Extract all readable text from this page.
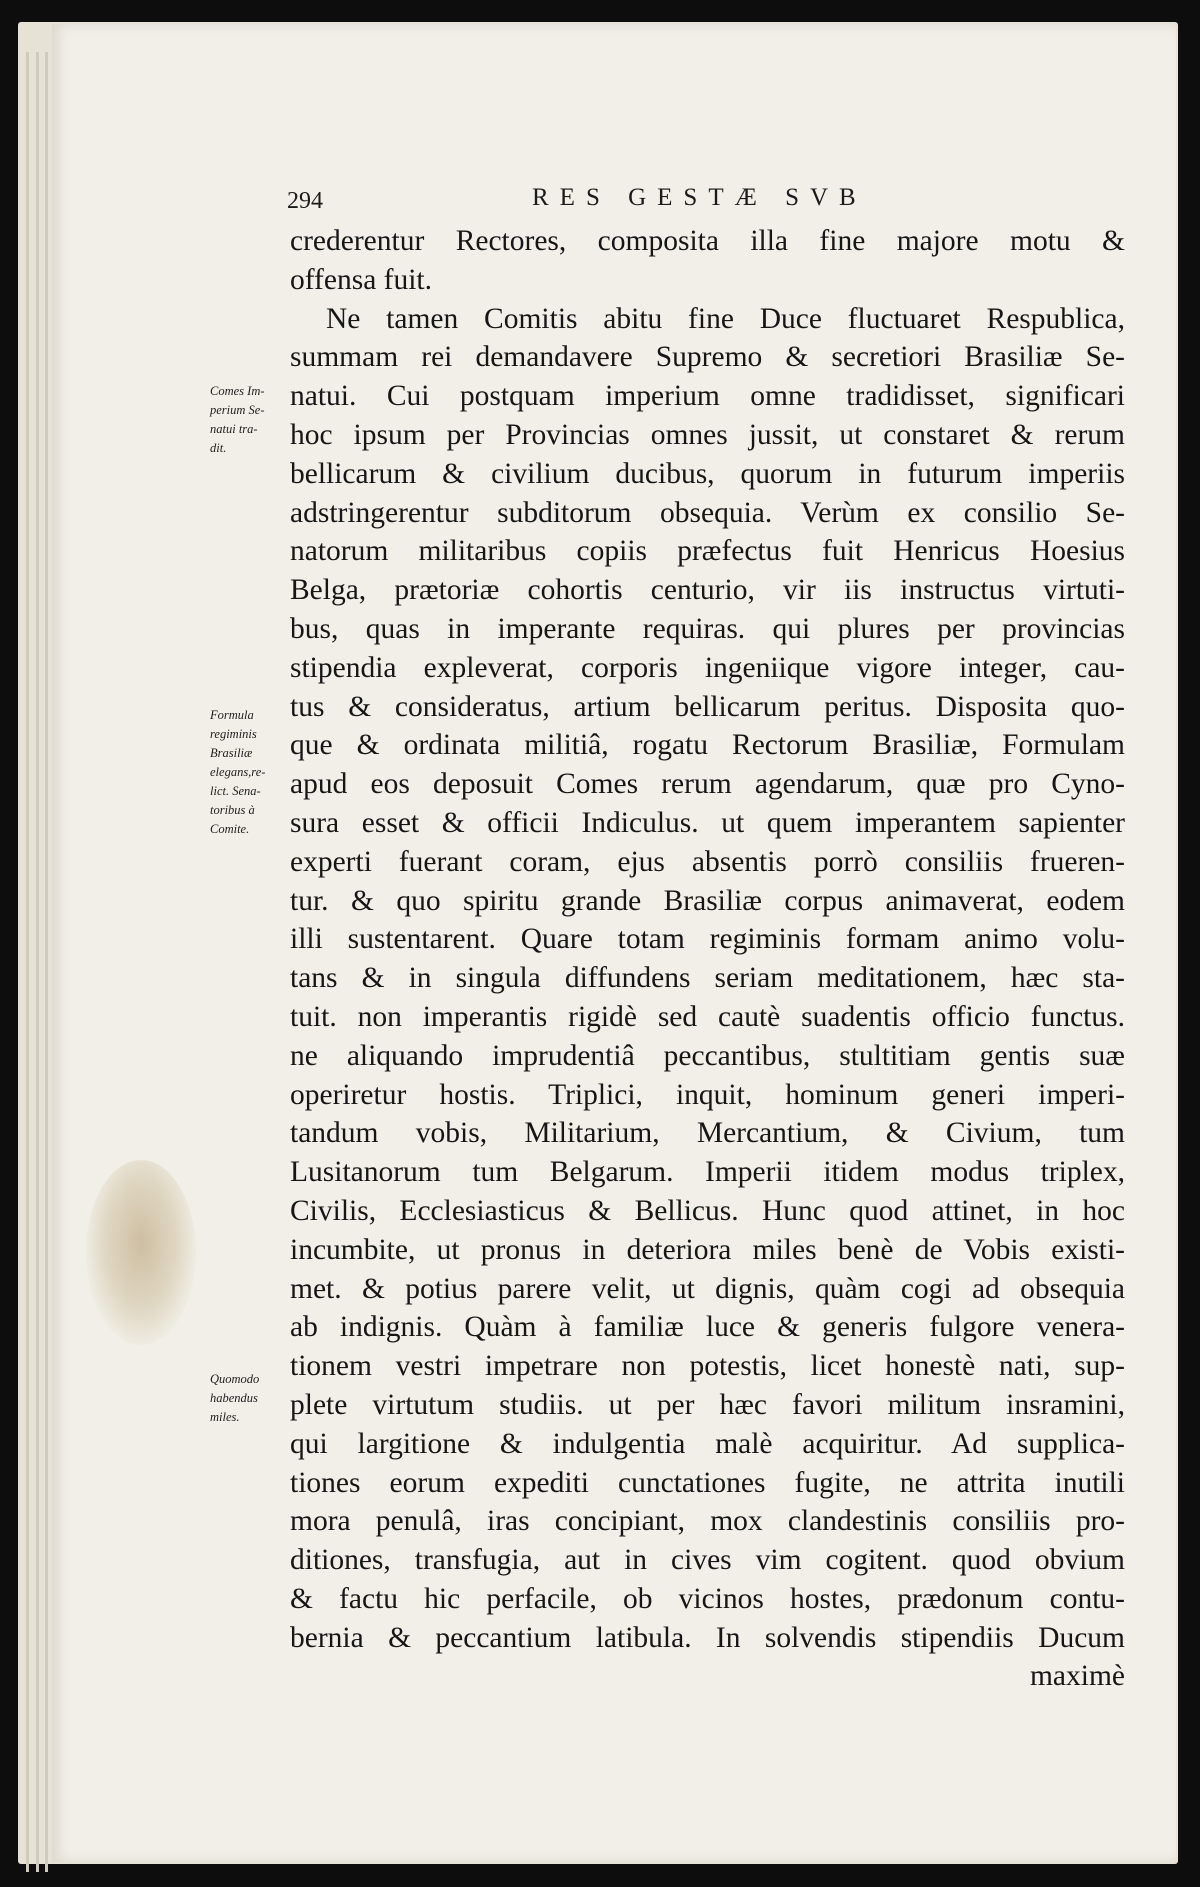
294	RES GESTÆ SVB
crederentur Rectores, composita illa fine majore motu &
offensa fuit.
Ne tamen Comitis abitu fine Duce fluctuaret Respublica,
summam rei demandavere Supremo & secretiori Brasiliæ Se-
natui. Cui postquam imperium omne tradidisset, significari
hoc ipsum per Provincias omnes jussit, ut constaret & rerum
bellicarum & civilium ducibus, quorum in futurum imperiis
adstringerentur subditorum obsequia. Verùm ex consilio Se-
natorum militaribus copiis præfectus fuit Henricus Hoesius
Belga, prætoriæ cohortis centurio, vir iis instructus virtuti-
bus, quas in imperante requiras. qui plures per provincias
stipendia expleverat, corporis ingeniique vigore integer, cau-
tus & consideratus, artium bellicarum peritus. Disposita quo-
que & ordinata militiâ, rogatu Rectorum Brasiliæ, Formulam
apud eos deposuit Comes rerum agendarum, quæ pro Cyno-
sura esset & officii Indiculus. ut quem imperantem sapienter
experti fuerant coram, ejus absentis porrò consiliis frueren-
tur. & quo spiritu grande Brasiliæ corpus animaverat, eodem
illi sustentarent. Quare totam regiminis formam animo volu-
tans & in singula diffundens seriam meditationem, hæc sta-
tuit. non imperantis rigidè sed cautè suadentis officio functus.
ne aliquando imprudentiâ peccantibus, stultitiam gentis suæ
operiretur hostis. Triplici, inquit, hominum generi imperi-
tandum vobis, Militarium, Mercantium, & Civium, tum
Lusitanorum tum Belgarum. Imperii itidem modus triplex,
Civilis, Ecclesiasticus & Bellicus. Hunc quod attinet, in hoc
incumbite, ut pronus in deteriora miles benè de Vobis existi-
met. & potius parere velit, ut dignis, quàm cogi ad obsequia
ab indignis. Quàm à familiæ luce & generis fulgore venera-
tionem vestri impetrare non potestis, licet honestè nati, sup-
plete virtutum studiis. ut per hæc favori militum insramini,
qui largitione & indulgentia malè acquiritur. Ad supplica-
tiones eorum expediti cunctationes fugite, ne attrita inutili
mora penulâ, iras concipiant, mox clandestinis consiliis pro-
ditiones, transfugia, aut in cives vim cogitent. quod obvium
& factu hic perfacile, ob vicinos hostes, prædonum contu-
bernia & peccantium latibula. In solvendis stipendiis Ducum
maximè
Comes Im-
perium Se-
natui tra-
dit.
Formula
regiminis
Brasiliæ
elegans,re-
lict. Sena-
toribus à
Comite.
Quomodo
habendus
miles.
